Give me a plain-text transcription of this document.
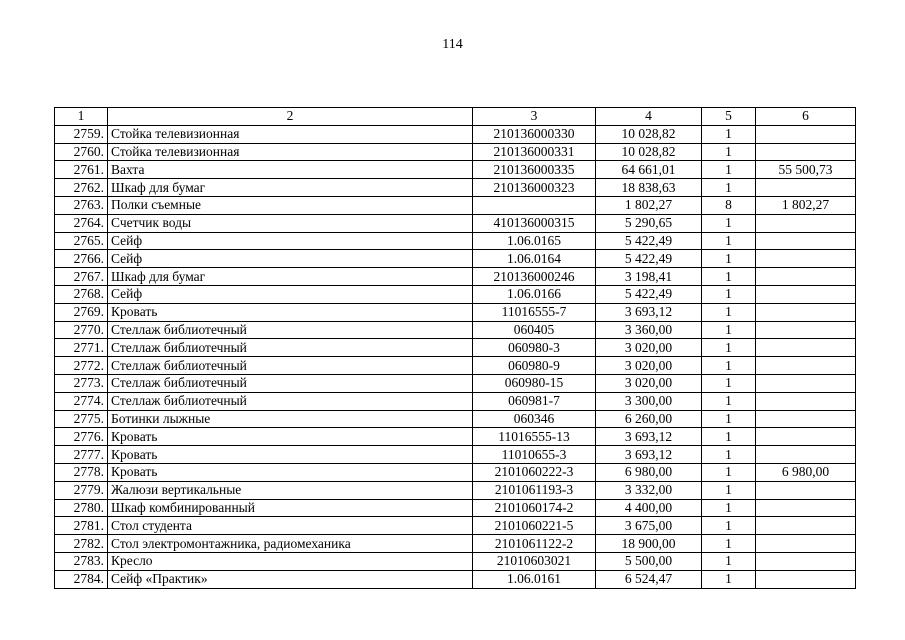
114
1	2	3	4	5	6
2759.	Стойка телевизионная	210136000330	10 028,82	1	
2760.	Стойка телевизионная	210136000331	10 028,82	1	
2761.	Вахта	210136000335	64 661,01	1	55 500,73
2762.	Шкаф для бумаг	210136000323	18 838,63	1	
2763.	Полки съемные		1 802,27	8	1 802,27
2764.	Счетчик воды	410136000315	5 290,65	1	
2765.	Сейф	1.06.0165	5 422,49	1	
2766.	Сейф	1.06.0164	5 422,49	1	
2767.	Шкаф для бумаг	210136000246	3 198,41	1	
2768.	Сейф	1.06.0166	5 422,49	1	
2769.	Кровать	11016555-7	3 693,12	1	
2770.	Стеллаж библиотечный	060405	3 360,00	1	
2771.	Стеллаж библиотечный	060980-3	3 020,00	1	
2772.	Стеллаж библиотечный	060980-9	3 020,00	1	
2773.	Стеллаж библиотечный	060980-15	3 020,00	1	
2774.	Стеллаж библиотечный	060981-7	3 300,00	1	
2775.	Ботинки лыжные	060346	6 260,00	1	
2776.	Кровать	11016555-13	3 693,12	1	
2777.	Кровать	11010655-3	3 693,12	1	
2778.	Кровать	2101060222-3	6 980,00	1	6 980,00
2779.	Жалюзи вертикальные	2101061193-3	3 332,00	1	
2780.	Шкаф комбинированный	2101060174-2	4 400,00	1	
2781.	Стол студента	2101060221-5	3 675,00	1	
2782.	Стол электромонтажника, радиомеханика	2101061122-2	18 900,00	1	
2783.	Кресло	21010603021	5 500,00	1	
2784.	Сейф «Практик»	1.06.0161	6 524,47	1	
